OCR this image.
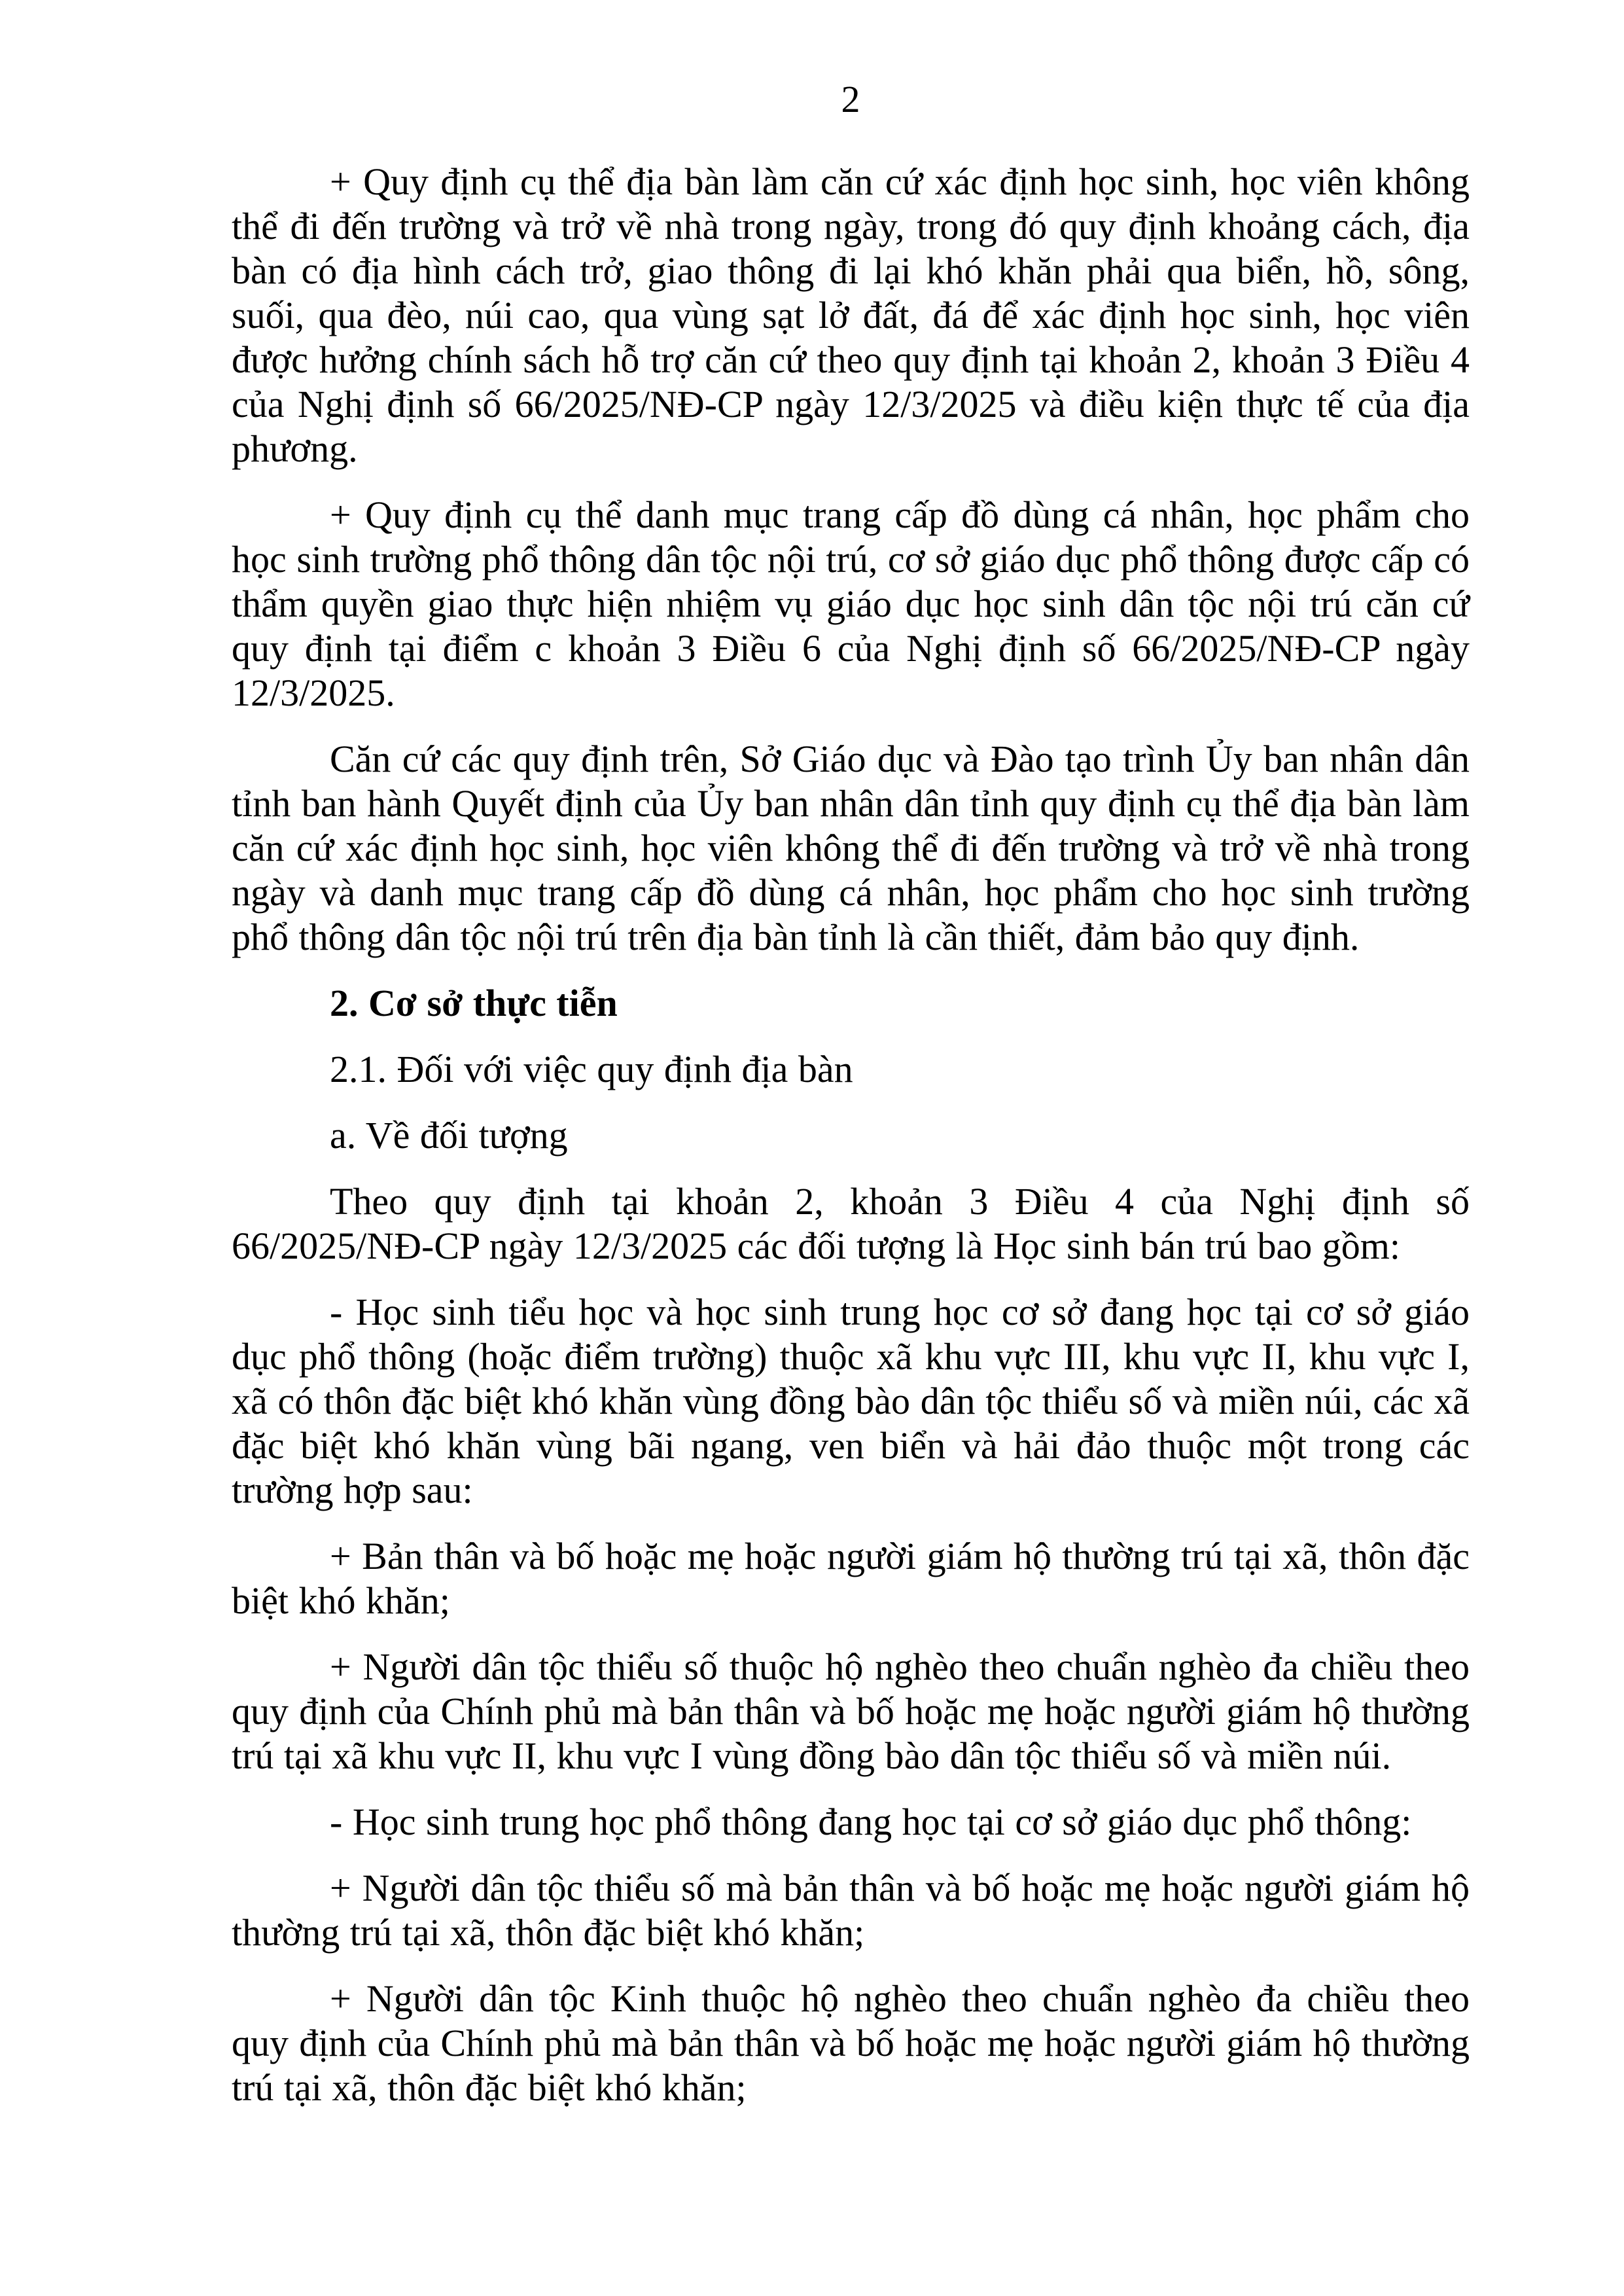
2

+ Quy định cụ thể địa bàn làm căn cứ xác định học sinh, học viên không thể đi đến trường và trở về nhà trong ngày, trong đó quy định khoảng cách, địa bàn có địa hình cách trở, giao thông đi lại khó khăn phải qua biển, hồ, sông, suối, qua đèo, núi cao, qua vùng sạt lở đất, đá để xác định học sinh, học viên được hưởng chính sách hỗ trợ căn cứ theo quy định tại khoản 2, khoản 3 Điều 4 của Nghị định số 66/2025/NĐ-CP ngày 12/3/2025 và điều kiện thực tế của địa phương.

+ Quy định cụ thể danh mục trang cấp đồ dùng cá nhân, học phẩm cho học sinh trường phổ thông dân tộc nội trú, cơ sở giáo dục phổ thông được cấp có thẩm quyền giao thực hiện nhiệm vụ giáo dục học sinh dân tộc nội trú căn cứ quy định tại điểm c khoản 3 Điều 6 của Nghị định số 66/2025/NĐ-CP ngày 12/3/2025.

Căn cứ các quy định trên, Sở Giáo dục và Đào tạo trình Ủy ban nhân dân tỉnh ban hành Quyết định của Ủy ban nhân dân tỉnh quy định cụ thể địa bàn làm căn cứ xác định học sinh, học viên không thể đi đến trường và trở về nhà trong ngày và danh mục trang cấp đồ dùng cá nhân, học phẩm cho học sinh trường phổ thông dân tộc nội trú trên địa bàn tỉnh là cần thiết, đảm bảo quy định.

2. Cơ sở thực tiễn

2.1. Đối với việc quy định địa bàn

a. Về đối tượng

Theo quy định tại khoản 2, khoản 3 Điều 4 của Nghị định số 66/2025/NĐ-CP ngày 12/3/2025 các đối tượng là Học sinh bán trú bao gồm:

- Học sinh tiểu học và học sinh trung học cơ sở đang học tại cơ sở giáo dục phổ thông (hoặc điểm trường) thuộc xã khu vực III, khu vực II, khu vực I, xã có thôn đặc biệt khó khăn vùng đồng bào dân tộc thiểu số và miền núi, các xã đặc biệt khó khăn vùng bãi ngang, ven biển và hải đảo thuộc một trong các trường hợp sau:

+ Bản thân và bố hoặc mẹ hoặc người giám hộ thường trú tại xã, thôn đặc biệt khó khăn;

+ Người dân tộc thiểu số thuộc hộ nghèo theo chuẩn nghèo đa chiều theo quy định của Chính phủ mà bản thân và bố hoặc mẹ hoặc người giám hộ thường trú tại xã khu vực II, khu vực I vùng đồng bào dân tộc thiểu số và miền núi.

- Học sinh trung học phổ thông đang học tại cơ sở giáo dục phổ thông:

+ Người dân tộc thiểu số mà bản thân và bố hoặc mẹ hoặc người giám hộ thường trú tại xã, thôn đặc biệt khó khăn;

+ Người dân tộc Kinh thuộc hộ nghèo theo chuẩn nghèo đa chiều theo quy định của Chính phủ mà bản thân và bố hoặc mẹ hoặc người giám hộ thường trú tại xã, thôn đặc biệt khó khăn;
